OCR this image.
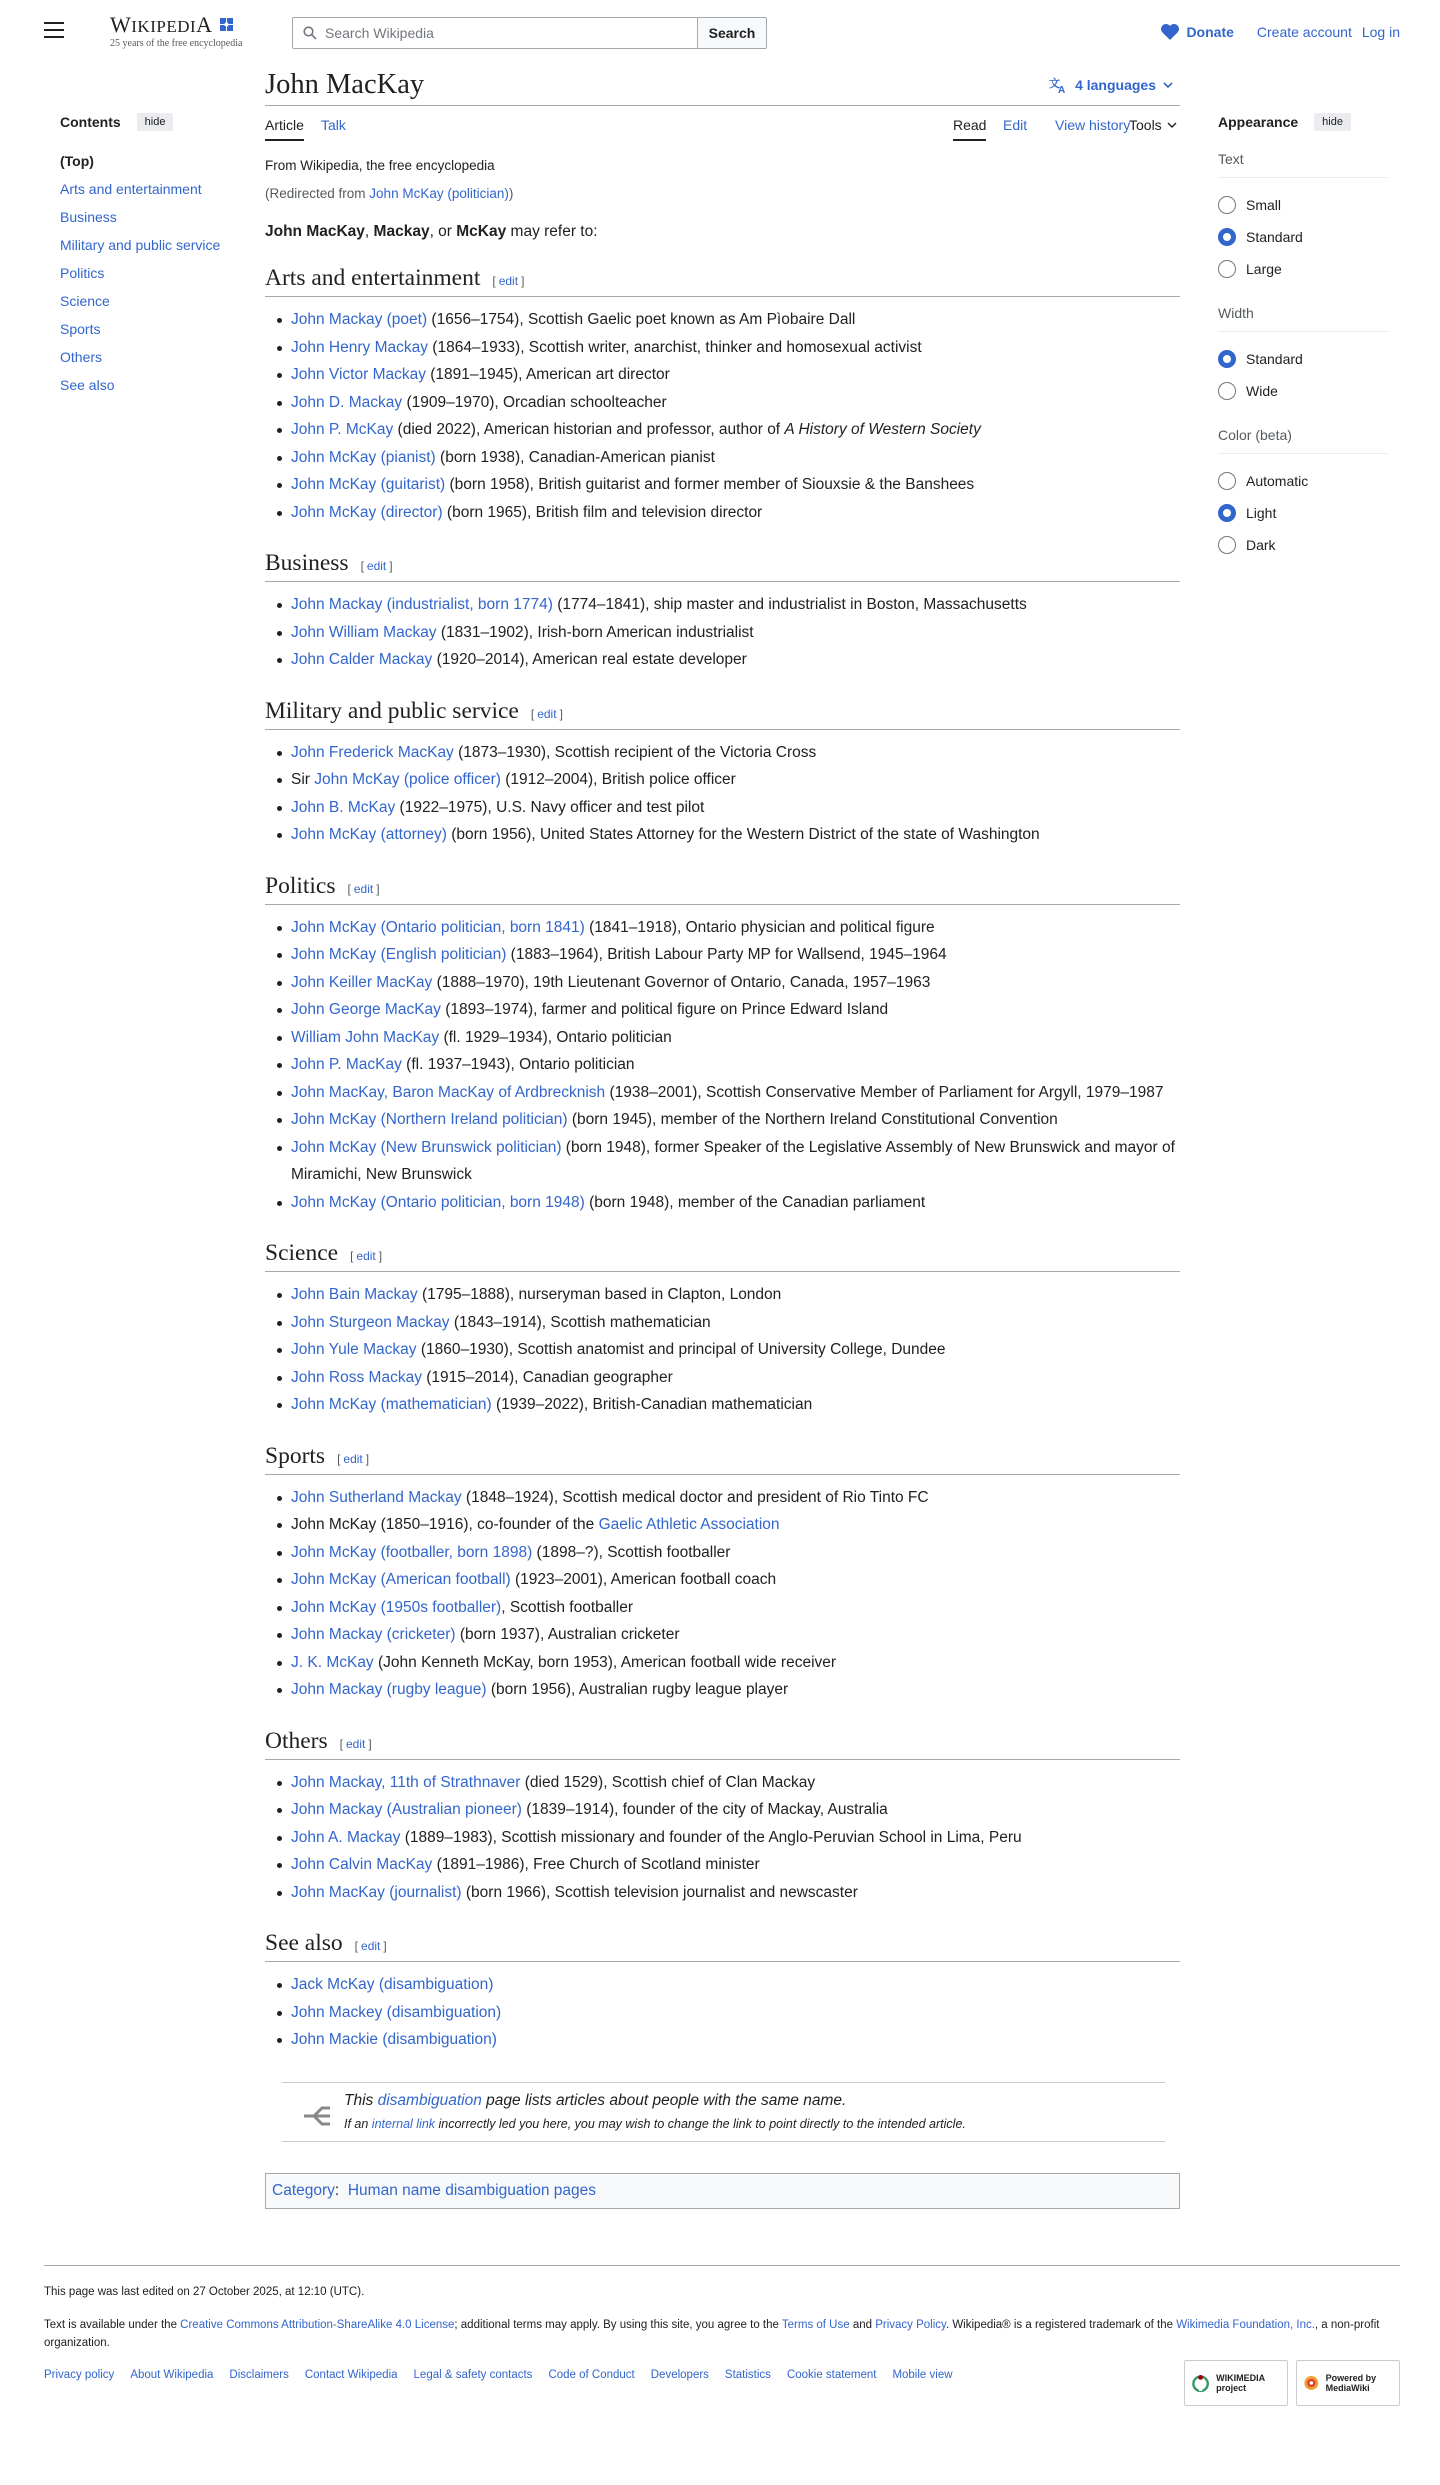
WIKIPEDIA
25 years of the free encyclopedia
Search Wikipedia
Search	Donate Create account Log in
Contents	hide
(Top)
Arts and entertainment
Business
Military and public service
Politics
Science
Sports
Others
See also
John MacKay	文
A 4 languages
Article Talk	Read Edit View history
Tools
From Wikipedia, the free encyclopedia
(Redirected from John McKay (politician))

John MacKay, Mackay, or McKay may refer to:

Arts and entertainment [ edit ]
John Mackay (poet) (1656–1754), Scottish Gaelic poet known as Am Pìobaire Dall
John Henry Mackay (1864–1933), Scottish writer, anarchist, thinker and homosexual activist
John Victor Mackay (1891–1945), American art director
John D. Mackay (1909–1970), Orcadian schoolteacher
John P. McKay (died 2022), American historian and professor, author of A History of Western Society
John McKay (pianist) (born 1938), Canadian-American pianist
John McKay (guitarist) (born 1958), British guitarist and former member of Siouxsie & the Banshees
John McKay (director) (born 1965), British film and television director
Business [ edit ]
John Mackay (industrialist, born 1774) (1774–1841), ship master and industrialist in Boston, Massachusetts
John William Mackay (1831–1902), Irish-born American industrialist
John Calder Mackay (1920–2014), American real estate developer
Military and public service [ edit ]
John Frederick MacKay (1873–1930), Scottish recipient of the Victoria Cross
Sir John McKay (police officer) (1912–2004), British police officer
John B. McKay (1922–1975), U.S. Navy officer and test pilot
John McKay (attorney) (born 1956), United States Attorney for the Western District of the state of Washington
Politics [ edit ]
John McKay (Ontario politician, born 1841) (1841–1918), Ontario physician and political figure
John McKay (English politician) (1883–1964), British Labour Party MP for Wallsend, 1945–1964
John Keiller MacKay (1888–1970), 19th Lieutenant Governor of Ontario, Canada, 1957–1963
John George MacKay (1893–1974), farmer and political figure on Prince Edward Island
William John MacKay (fl. 1929–1934), Ontario politician
John P. MacKay (fl. 1937–1943), Ontario politician
John MacKay, Baron MacKay of Ardbrecknish (1938–2001), Scottish Conservative Member of Parliament for Argyll, 1979–1987
John McKay (Northern Ireland politician) (born 1945), member of the Northern Ireland Constitutional Convention
John McKay (New Brunswick politician) (born 1948), former Speaker of the Legislative Assembly of New Brunswick and mayor of Miramichi, New Brunswick
John McKay (Ontario politician, born 1948) (born 1948), member of the Canadian parliament
Science [ edit ]
John Bain Mackay (1795–1888), nurseryman based in Clapton, London
John Sturgeon Mackay (1843–1914), Scottish mathematician
John Yule Mackay (1860–1930), Scottish anatomist and principal of University College, Dundee
John Ross Mackay (1915–2014), Canadian geographer
John McKay (mathematician) (1939–2022), British-Canadian mathematician
Sports [ edit ]
John Sutherland Mackay (1848–1924), Scottish medical doctor and president of Rio Tinto FC
John McKay (1850–1916), co-founder of the Gaelic Athletic Association
John McKay (footballer, born 1898) (1898–?), Scottish footballer
John McKay (American football) (1923–2001), American football coach
John McKay (1950s footballer), Scottish footballer
John Mackay (cricketer) (born 1937), Australian cricketer
J. K. McKay (John Kenneth McKay, born 1953), American football wide receiver
John Mackay (rugby league) (born 1956), Australian rugby league player
Others [ edit ]
John Mackay, 11th of Strathnaver (died 1529), Scottish chief of Clan Mackay
John Mackay (Australian pioneer) (1839–1914), founder of the city of Mackay, Australia
John A. Mackay (1889–1983), Scottish missionary and founder of the Anglo-Peruvian School in Lima, Peru
John Calvin MacKay (1891–1986), Free Church of Scotland minister
John MacKay (journalist) (born 1966), Scottish television journalist and newscaster
See also [ edit ]
Jack McKay (disambiguation)
John Mackey (disambiguation)
John Mackie (disambiguation)
This disambiguation page lists articles about people with the same name.
If an internal link incorrectly led you here, you may wish to change the link to point directly to the intended article.
Category: Human name disambiguation pages
Appearance	hide
Text
Small
Standard
Large
Width
Standard
Wide
Color (beta)
Automatic
Light
Dark
This page was last edited on 27 October 2025, at 12:10 (UTC).
Text is available under the Creative Commons Attribution-ShareAlike 4.0 License; additional terms may apply. By using this site, you agree to the Terms of Use and Privacy Policy. Wikipedia® is a registered trademark of the Wikimedia Foundation, Inc., a non-profit organization.
Privacy policy About Wikipedia Disclaimers Contact Wikipedia Legal & safety contacts Code of Conduct Developers Statistics Cookie statement Mobile view	WIKIMEDIA project
Powered by MediaWiki
